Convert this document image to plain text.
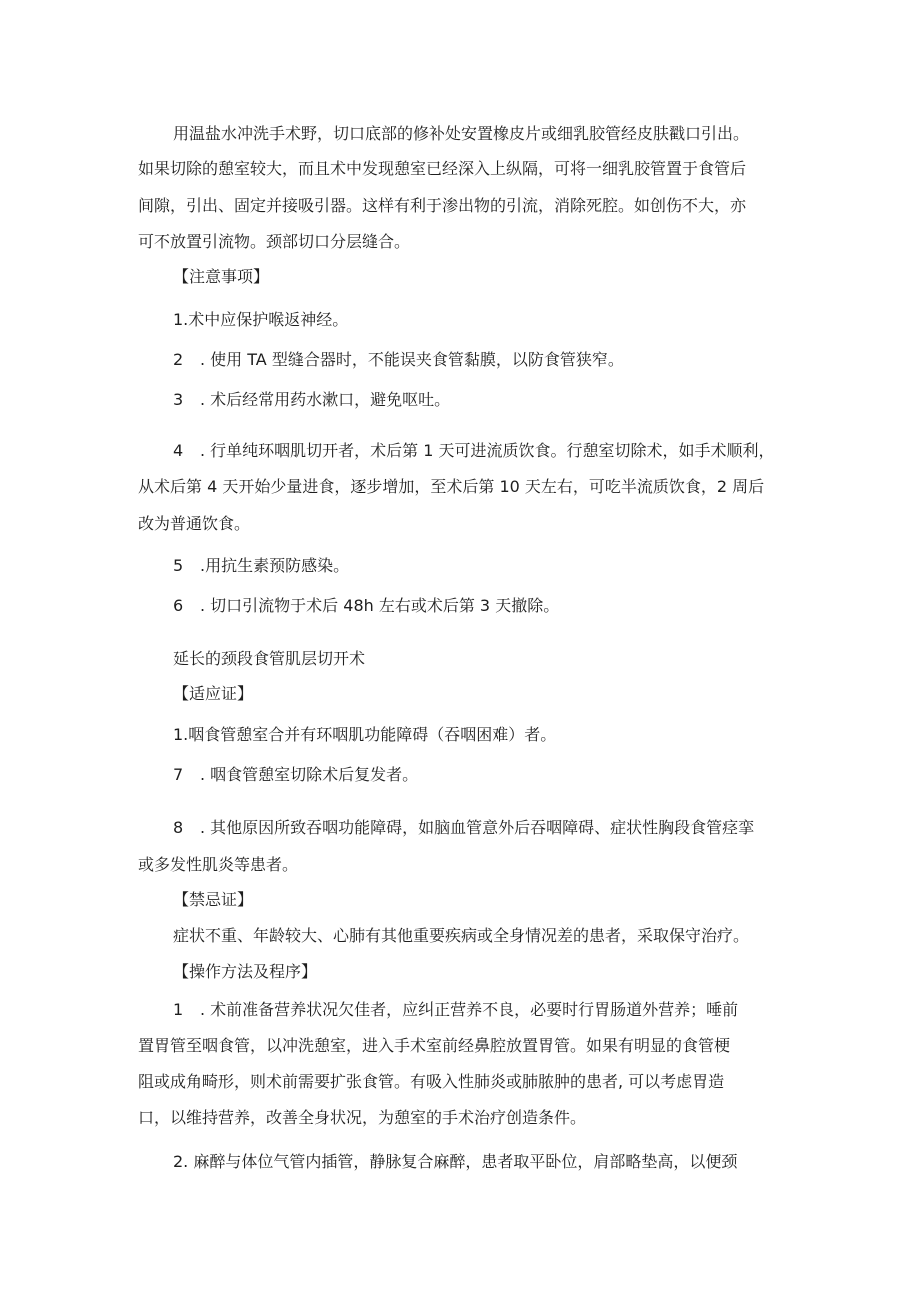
用温盐水冲洗手术野，切口底部的修补处安置橡皮片或细乳胶管经皮肤戳口引出。
如果切除的憩室较大，而且术中发现憩室已经深入上纵隔，可将一细乳胶管置于食管后
间隙，引出、固定并接吸引器。这样有利于渗出物的引流，消除死腔。如创伤不大，亦
可不放置引流物。颈部切口分层缝合。
【注意事项】
1.术中应保护喉返神经。
2 . 使用 TA 型缝合器时，不能误夹食管黏膜，以防食管狭窄。
3 . 术后经常用药水漱口，避免呕吐。
4 . 行单纯环咽肌切开者，术后第 1 天可进流质饮食。行憩室切除术，如手术顺利，
从术后第 4 天开始少量进食，逐步增加，至术后第 10 天左右，可吃半流质饮食，2 周后
改为普通饮食。
5 .用抗生素预防感染。
6 . 切口引流物于术后 48h 左右或术后第 3 天撤除。
延长的颈段食管肌层切开术
【适应证】
1.咽食管憩室合并有环咽肌功能障碍（吞咽困难）者。
7 . 咽食管憩室切除术后复发者。
8 . 其他原因所致吞咽功能障碍，如脑血管意外后吞咽障碍、症状性胸段食管痉挛
或多发性肌炎等患者。
【禁忌证】
症状不重、年龄较大、心肺有其他重要疾病或全身情况差的患者，采取保守治疗。
【操作方法及程序】
1 . 术前准备营养状况欠佳者，应纠正营养不良，必要时行胃肠道外营养；唾前
置胃管至咽食管，以冲洗憩室，进入手术室前经鼻腔放置胃管。如果有明显的食管梗
阻或成角畸形，则术前需要扩张食管。有吸入性肺炎或肺脓肿的患者, 可以考虑胃造
口，以维持营养，改善全身状况，为憩室的手术治疗创造条件。
2. 麻醉与体位气管内插管，静脉复合麻醉，患者取平卧位，肩部略垫高，以便颈
